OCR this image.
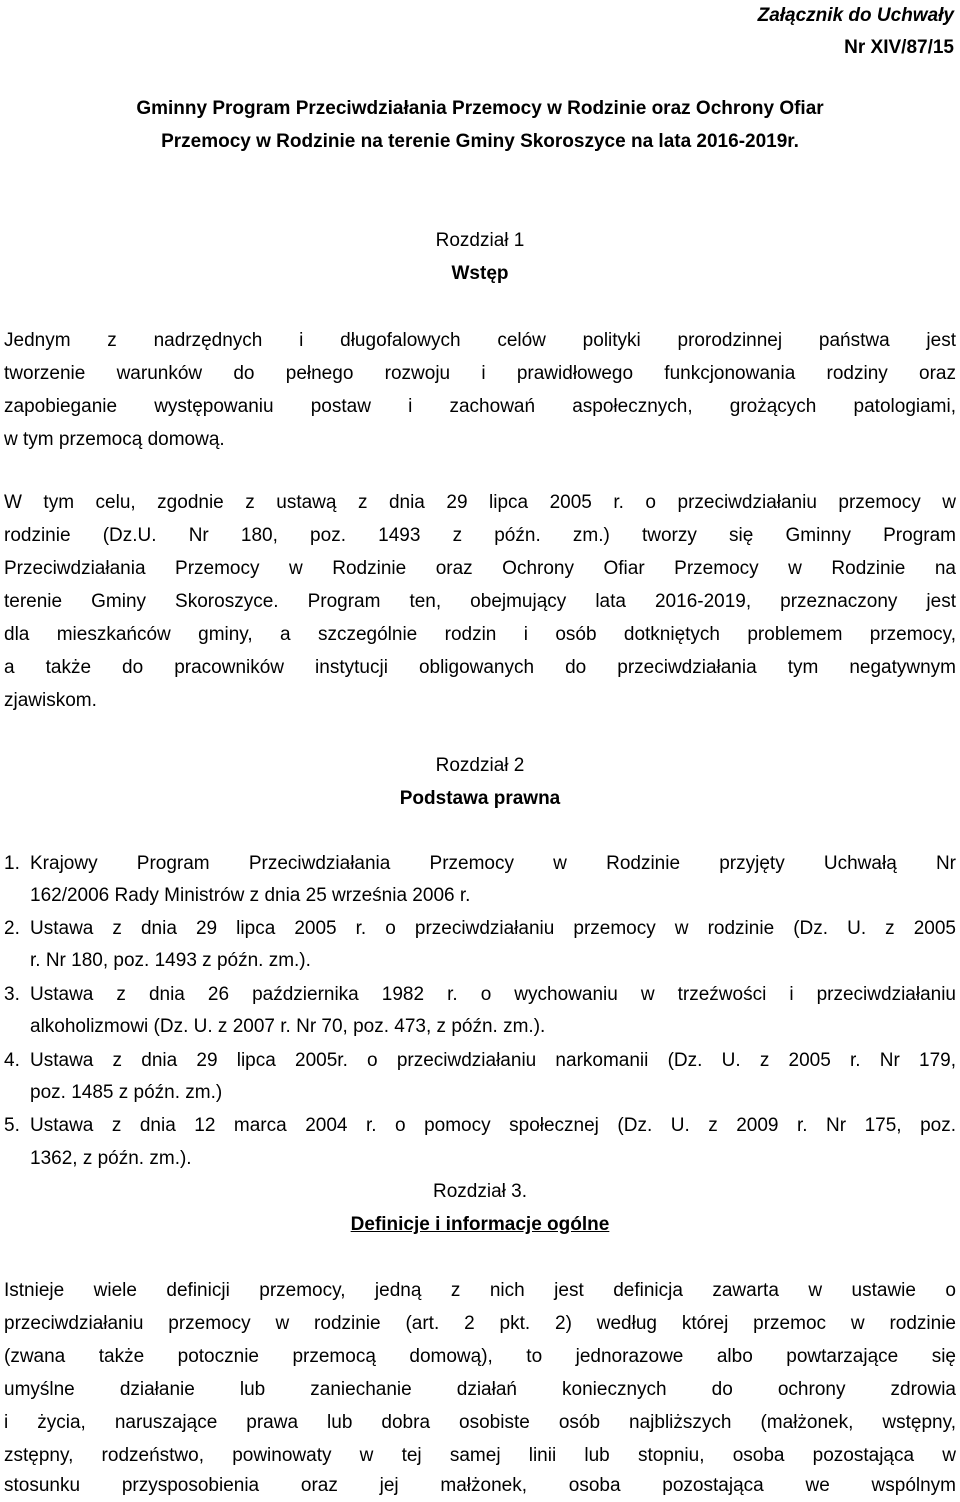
Załącznik do Uchwały
Nr XIV/87/15
Gminny Program Przeciwdziałania Przemocy w Rodzinie oraz Ochrony Ofiar
Przemocy w Rodzinie na terenie Gminy Skoroszyce na lata 2016-2019r.
Rozdział 1
Wstęp
Jednym z nadrzędnych i długofalowych celów polityki prorodzinnej państwa jest
tworzenie warunków do pełnego rozwoju i prawidłowego funkcjonowania rodziny oraz
zapobieganie występowaniu postaw i zachowań aspołecznych, grożących patologiami,
w tym przemocą domową.
W tym celu, zgodnie z ustawą z dnia 29 lipca 2005 r. o przeciwdziałaniu przemocy w
rodzinie (Dz.U. Nr 180, poz. 1493 z późn. zm.) tworzy się Gminny Program
Przeciwdziałania Przemocy w Rodzinie oraz Ochrony Ofiar Przemocy w Rodzinie na
terenie Gminy Skoroszyce. Program ten, obejmujący lata 2016-2019, przeznaczony jest
dla mieszkańców gminy, a szczególnie rodzin i osób dotkniętych problemem przemocy,
a także do pracowników instytucji obligowanych do przeciwdziałania tym negatywnym
zjawiskom.
Rozdział 2
Podstawa prawna
1. Krajowy Program Przeciwdziałania Przemocy w Rodzinie przyjęty Uchwałą Nr
162/2006 Rady Ministrów z dnia 25 września 2006 r.
2. Ustawa z dnia 29 lipca 2005 r. o przeciwdziałaniu przemocy w rodzinie (Dz. U. z 2005
r. Nr 180, poz. 1493 z późn. zm.).
3. Ustawa z dnia 26 października 1982 r. o wychowaniu w trzeźwości i przeciwdziałaniu
alkoholizmowi (Dz. U. z 2007 r. Nr 70, poz. 473, z późn. zm.).
4. Ustawa z dnia 29 lipca 2005r. o przeciwdziałaniu narkomanii (Dz. U. z 2005 r. Nr 179,
poz. 1485 z późn. zm.)
5. Ustawa z dnia 12 marca 2004 r. o pomocy społecznej (Dz. U. z 2009 r. Nr 175, poz.
1362, z późn. zm.).
Rozdział 3.
Definicje i informacje ogólne
Istnieje wiele definicji przemocy, jedną z nich jest definicja zawarta w ustawie o
przeciwdziałaniu przemocy w rodzinie (art. 2 pkt. 2) według której przemoc w rodzinie
(zwana także potocznie przemocą domową), to jednorazowe albo powtarzające się
umyślne działanie lub zaniechanie działań koniecznych do ochrony zdrowia
i życia, naruszające prawa lub dobra osobiste osób najbliższych (małżonek, wstępny,
zstępny, rodzeństwo, powinowaty w tej samej linii lub stopniu, osoba pozostająca w
stosunku przysposobienia oraz jej małżonek, osoba pozostająca we wspólnym
